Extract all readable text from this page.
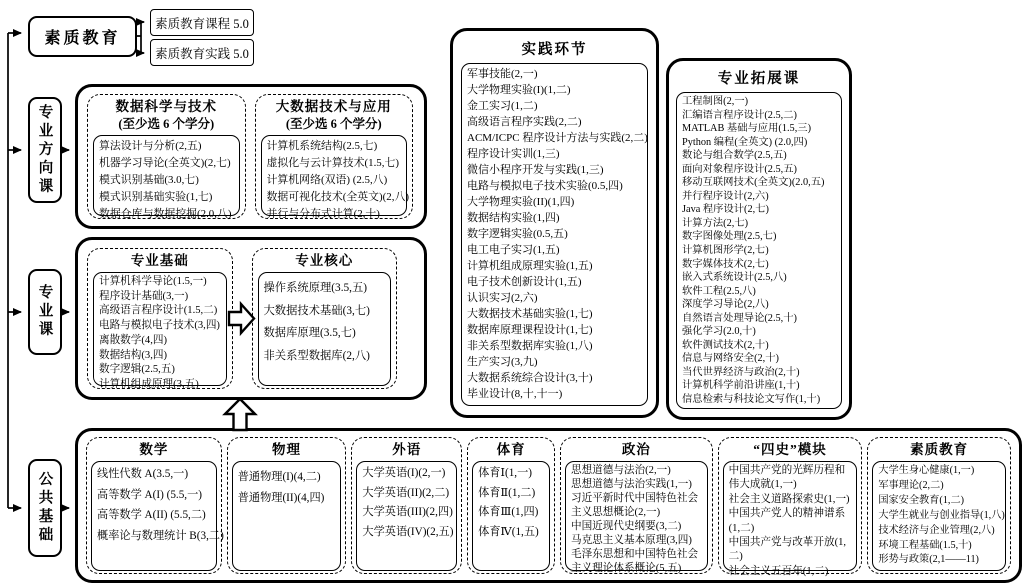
素质教育
素质教育课程 5.0
素质教育实践 5.0
专业方向课
专业课
公共基础
数据科学与技术
(至少选 6 个学分)
算法设计与分析(2,五)
机器学习导论(全英文)(2,七)
模式识别基础(3.0,七)
模式识别基础实验(1,七)
数据仓库与数据挖掘(2.0,八)
大数据技术与应用
(至少选 6 个学分)
计算机系统结构(2.5,七)
虚拟化与云计算技术(1.5,七)
计算机网络(双语) (2.5,八)
数据可视化技术(全英文)(2,八)
并行与分布式计算(2,十)
专业基础
计算机科学导论(1.5,一)
程序设计基础(3,一)
高级语言程序设计(1.5,二)
电路与模拟电子技术(3,四)
离散数学(4,四)
数据结构(3,四)
数字逻辑(2.5,五)
计算机组成原理(3,五)
专业核心
操作系统原理(3.5,五)
大数据技术基础(3,七)
数据库原理(3.5,七)
非关系型数据库(2,八)
实践环节
军事技能(2,一)
大学物理实验(I)(1,二)
金工实习(1,二)
高级语言程序实践(2,二)
ACM/ICPC 程序设计方法与实践(2,二)
程序设计实训(1,三)
微信小程序开发与实践(1,三)
电路与模拟电子技术实验(0.5,四)
大学物理实验(II)(1,四)
数据结构实验(1,四)
数字逻辑实验(0.5,五)
电工电子实习(1,五)
计算机组成原理实验(1,五)
电子技术创新设计(1,五)
认识实习(2,六)
大数据技术基础实验(1,七)
数据库原理课程设计(1,七)
非关系型数据库实验(1,八)
生产实习(3,九)
大数据系统综合设计(3,十)
毕业设计(8,十,十一)
专业拓展课
工程制图(2,一)
汇编语言程序设计(2.5,二)
MATLAB 基础与应用(1.5,三)
Python 编程(全英文) (2.0,四)
数论与组合数学(2.5,五)
面向对象程序设计(2.5,五)
移动互联网技术(全英文)(2.0,五)
并行程序设计(2,六)
Java 程序设计(2,七)
计算方法(2,七)
数字图像处理(2.5,七)
计算机图形学(2,七)
数字媒体技术(2,七)
嵌入式系统设计(2.5,八)
软件工程(2.5,八)
深度学习导论(2,八)
自然语言处理导论(2.5,十)
强化学习(2.0,十)
软件测试技术(2,十)
信息与网络安全(2,十)
当代世界经济与政治(2,十)
计算机科学前沿讲座(1,十)
信息检索与科技论文写作(1,十)
数学
线性代数 A(3.5,一)
高等数学 A(I) (5.5,一)
高等数学 A(II) (5.5,二)
概率论与数理统计 B(3,二)
物理
普通物理(I)(4,二)
普通物理(II)(4,四)
外语
大学英语(I)(2,一)
大学英语(II)(2,二)
大学英语(III)(2,四)
大学英语(IV)(2,五)
体育
体育Ⅰ(1,一)
体育Ⅱ(1,二)
体育Ⅲ(1,四)
体育Ⅳ(1,五)
政治
思想道德与法治(2,一)
思想道德与法治实践(1,一)
习近平新时代中国特色社会主义思想概论(2,一)
中国近现代史纲要(3,二)
马克思主义基本原理(3,四)
毛泽东思想和中国特色社会主义理论体系概论(5,五)
“四史”模块
中国共产党的光辉历程和伟大成就(1,一)
社会主义道路探索史(1,一)
中国共产党人的精神谱系(1,二)
中国共产党与改革开放(1,二)
社会主义五百年(1,二)
素质教育
大学生身心健康(1,一)
军事理论(2,二)
国家安全教育(1,二)
大学生就业与创业指导(1,八)
技术经济与企业管理(2,八)
环境工程基础(1.5,十)
形势与政策(2,1——11)
